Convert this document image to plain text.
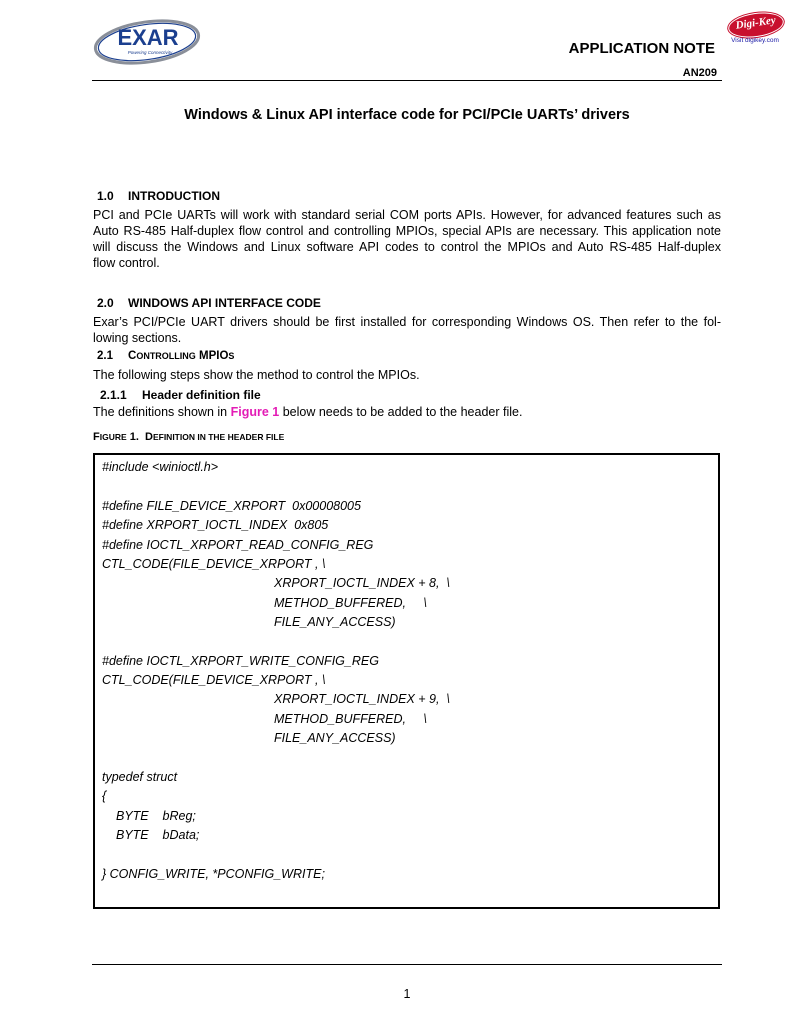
EXAR
Powering Connectivity
Digi-Key
Visit digikey.com
APPLICATION NOTE
AN209
Windows & Linux API interface code for PCI/PCIe UARTs’ drivers
1.0 INTRODUCTION
PCI and PCIe UARTs will work with standard serial COM ports APIs. However, for advanced features such as
Auto RS-485 Half-duplex flow control and controlling MPIOs, special APIs are necessary. This application note
will discuss the Windows and Linux software API codes to control the MPIOs and Auto RS-485 Half-duplex
flow control.
2.0 WINDOWS API INTERFACE CODE
Exar’s PCI/PCIe UART drivers should be first installed for corresponding Windows OS. Then refer to the fol-
lowing sections.
2.1 CONTROLLING MPIOS
The following steps show the method to control the MPIOs.
2.1.1 Header definition file
The definitions shown in Figure 1 below needs to be added to the header file.
FIGURE 1.  DEFINITION IN THE HEADER FILE
#include <winioctl.h>
#define FILE_DEVICE_XRPORT  0x00008005
#define XRPORT_IOCTL_INDEX  0x805
#define IOCTL_XRPORT_READ_CONFIG_REG
CTL_CODE(FILE_DEVICE_XRPORT , \
XRPORT_IOCTL_INDEX + 8,  \
METHOD_BUFFERED,     \
FILE_ANY_ACCESS)
#define IOCTL_XRPORT_WRITE_CONFIG_REG
CTL_CODE(FILE_DEVICE_XRPORT , \
XRPORT_IOCTL_INDEX + 9,  \
METHOD_BUFFERED,     \
FILE_ANY_ACCESS)
typedef struct
{
BYTE    bReg;
BYTE    bData;
} CONFIG_WRITE, *PCONFIG_WRITE;
1
